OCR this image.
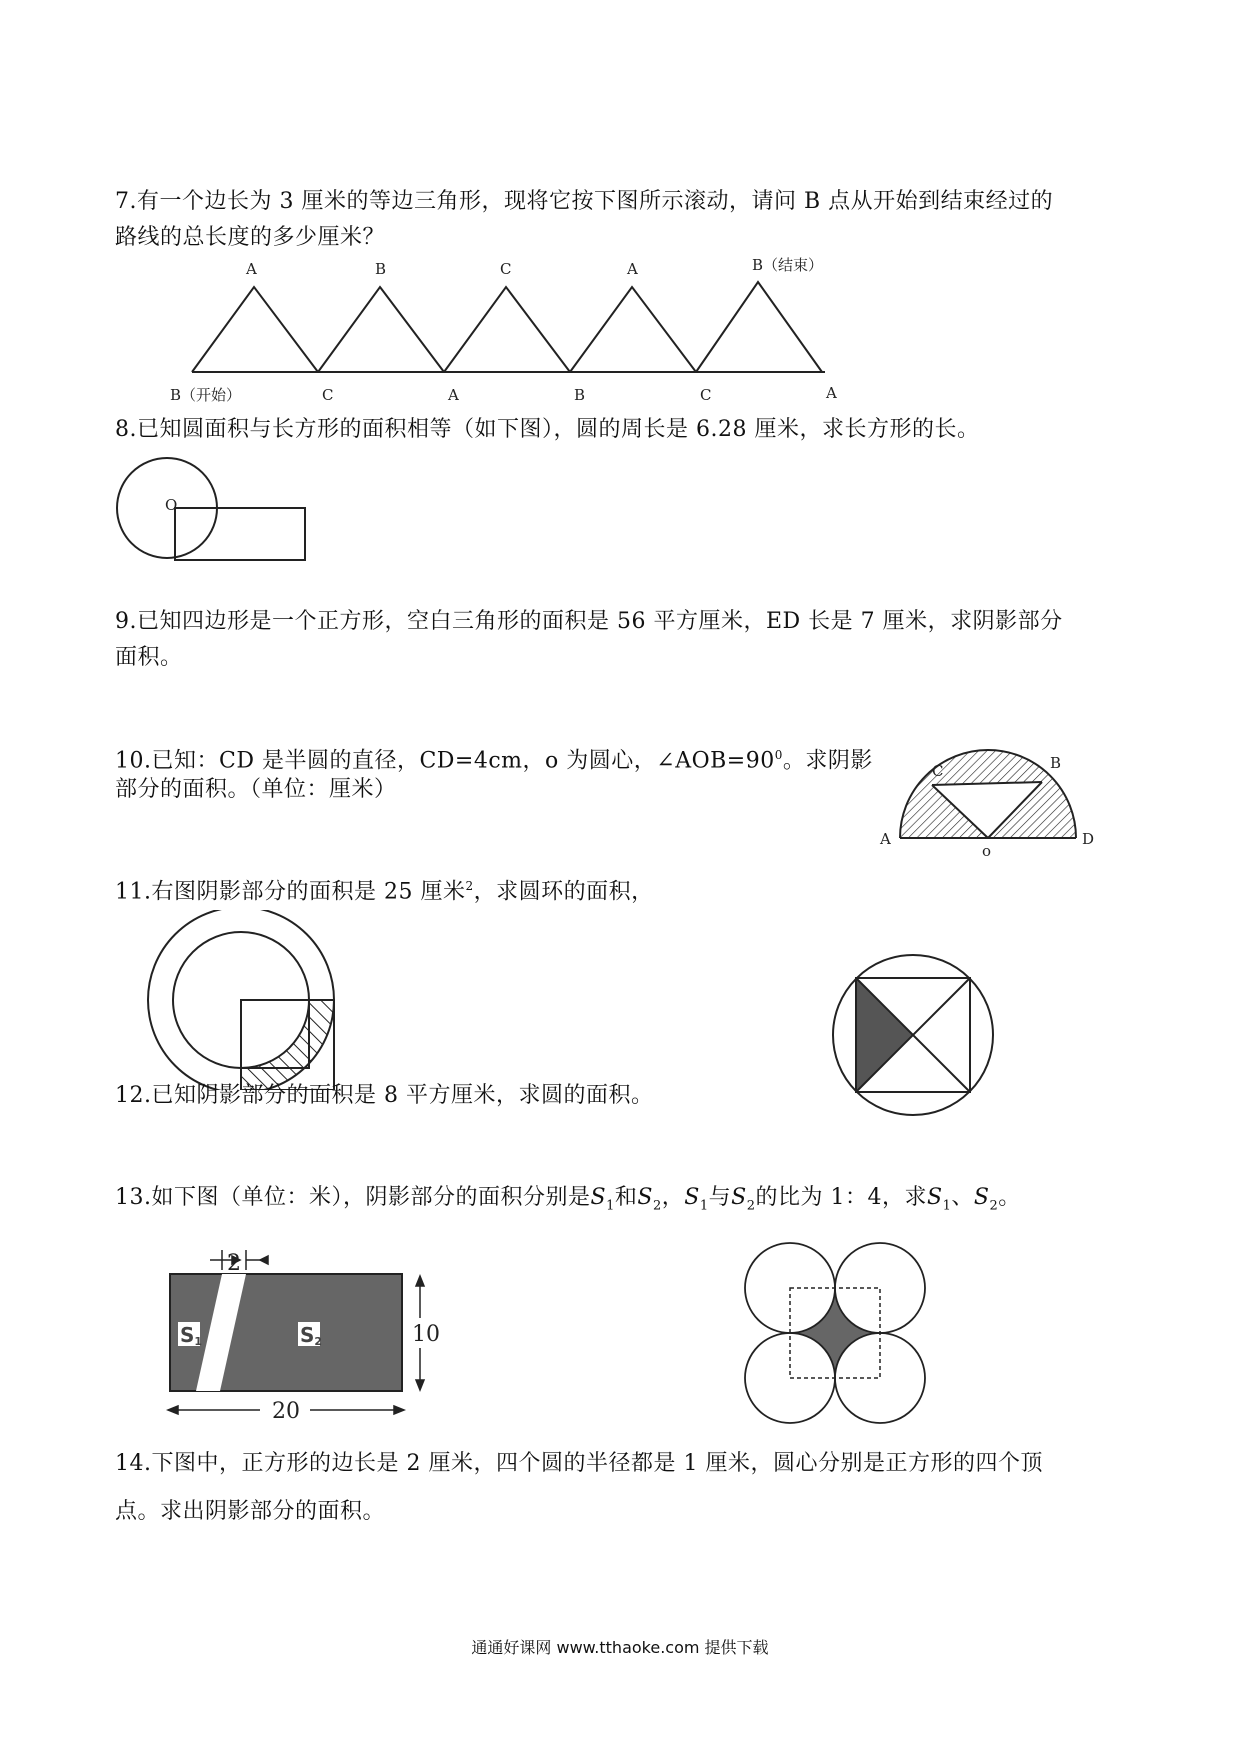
7.有一个边长为 3 厘米的等边三角形，现将它按下图所示滚动，请问 B 点从开始到结束经过的
路线的总长度的多少厘米？
A	B	C	A	B（结束）
B（开始）	C	A	B	C	A
8.已知圆面积与长方形的面积相等（如下图），圆的周长是 6.28 厘米，求长方形的长。
O
9.已知四边形是一个正方形，空白三角形的面积是 56 平方厘米，ED 长是 7 厘米，求阴影部分
面积。
10.已知：CD 是半圆的直径，CD=4cm，o 为圆心，$\angle AOB=90^0$。求阴影
部分的面积。（单位：厘米）
C	B
A	D
o
11.右图阴影部分的面积是 25 厘米$^2$，求圆环的面积，
12.已知阴影部分的面积是 8 平方厘米，求圆的面积。
13.如下图（单位：米），阴影部分的面积分别是$S_1$和$S_2$，$S_1$与$S_2$的比为 1：4，求$S_1$、$S_2$。
2
10
20
S1	S2
14.下图中，正方形的边长是 2 厘米，四个圆的半径都是 1 厘米，圆心分别是正方形的四个顶
点。求出阴影部分的面积。
通通好课网 www.tthaoke.com 提供下载
